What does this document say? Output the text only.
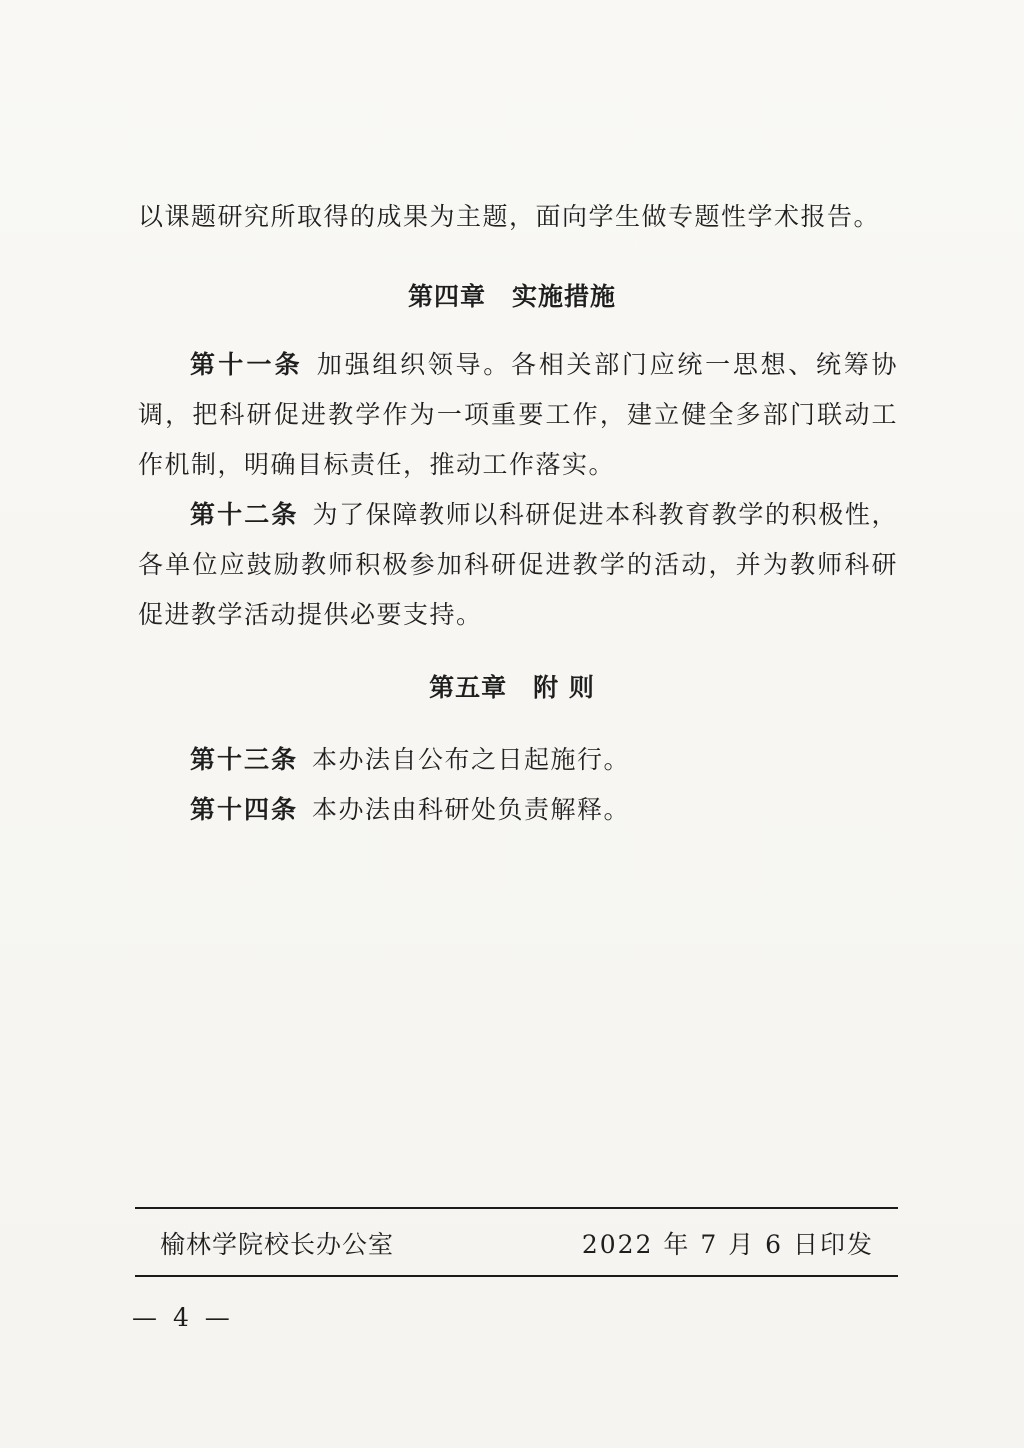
以课题研究所取得的成果为主题，面向学生做专题性学术报告。
第四章　实施措施
第十一条 加强组织领导。各相关部门应统一思想、统筹协调，把科研促进教学作为一项重要工作，建立健全多部门联动工作机制，明确目标责任，推动工作落实。
第十二条 为了保障教师以科研促进本科教育教学的积极性，各单位应鼓励教师积极参加科研促进教学的活动，并为教师科研促进教学活动提供必要支持。
第五章　附 则
第十三条 本办法自公布之日起施行。
第十四条 本办法由科研处负责解释。
榆林学院校长办公室	2022 年 7 月 6 日印发
— 4 —
